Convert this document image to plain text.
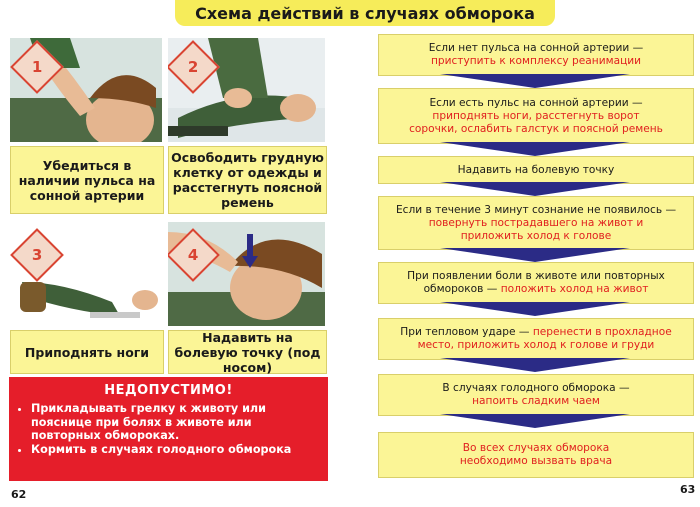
Схема действий в случаях обморока
1	2
Убедиться в наличии пульса на сонной артерии
Освободить грудную клетку от одежды и расстегнуть поясной ремень
3	4
Приподнять ноги
Надавить на болевую точку (под носом)
НЕДОПУСТИМО!
• Прикладывать грелку к животу или пояснице при болях в животе или повторных обмороках.
• Кормить в случаях голодного обморока
62
Если нет пульса на сонной артерии —
приступить к комплексу реанимации
Если есть пульс на сонной артерии —
приподнять ноги, расстегнуть ворот сорочки, ослабить галстук и поясной ремень
Надавить на болевую точку
Если в течение 3 минут сознание не появилось —
повернуть пострадавшего на живот и приложить холод к голове
При появлении боли в животе или повторных обмороков — положить холод на живот
При тепловом ударе — перенести в прохладное место, приложить холод к голове и груди
В случаях голодного обморока —
напоить сладким чаем
Во всех случаях обморока необходимо вызвать врача
63
